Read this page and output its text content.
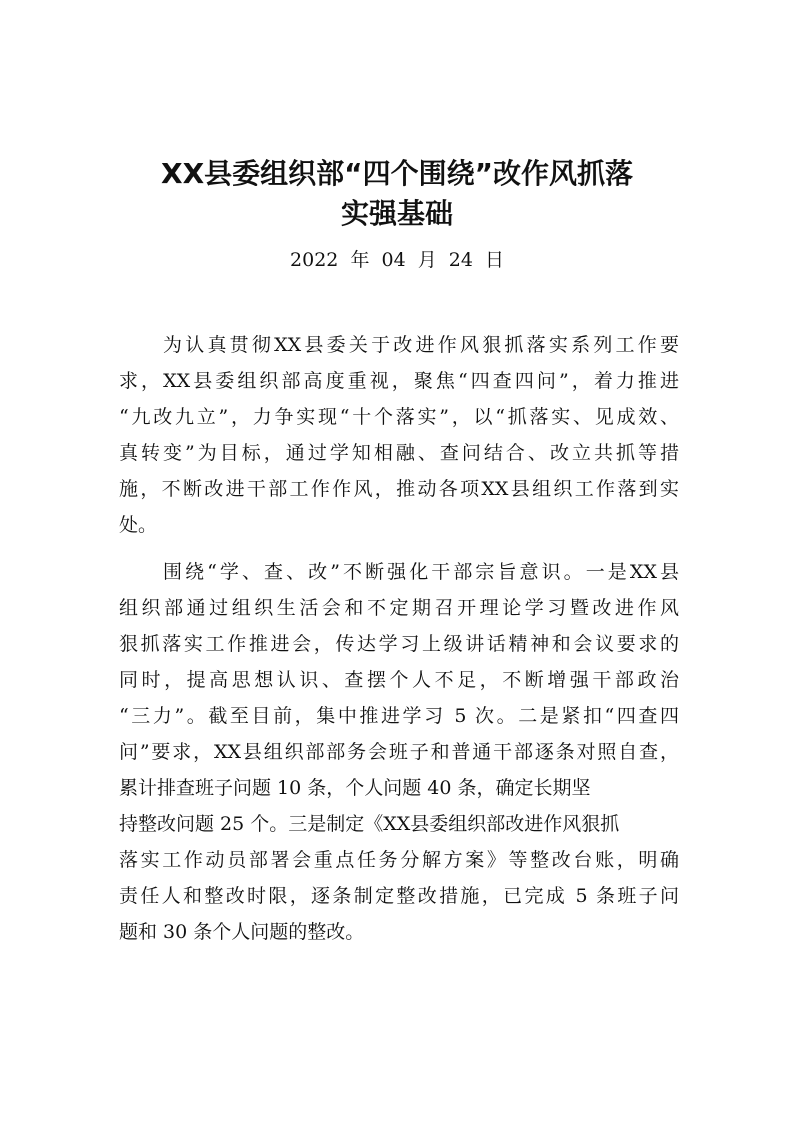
XX县委组织部“四个围绕”改作风抓落
实强基础
2022 年 04 月 24 日
为认真贯彻XX县委关于改进作风狠抓落实系列工作要
求，XX县委组织部高度重视，聚焦“四查四问”，着力推进
“九改九立”，力争实现“十个落实”，以“抓落实、见成效、
真转变”为目标，通过学知相融、查问结合、改立共抓等措
施，不断改进干部工作作风，推动各项XX县组织工作落到实
处。
围绕“学、查、改”不断强化干部宗旨意识。一是XX县
组织部通过组织生活会和不定期召开理论学习暨改进作风
狠抓落实工作推进会，传达学习上级讲话精神和会议要求的
同时，提高思想认识、查摆个人不足，不断增强干部政治
“三力”。截至目前，集中推进学习 5 次。二是紧扣“四查四
问”要求，XX县组织部部务会班子和普通干部逐条对照自查，
累计排查班子问题 10 条，个人问题 40 条，确定长期坚
持整改问题 25 个。三是制定《XX县委组织部改进作风狠抓
落实工作动员部署会重点任务分解方案》等整改台账，明确
责任人和整改时限，逐条制定整改措施，已完成 5 条班子问
题和 30 条个人问题的整改。
